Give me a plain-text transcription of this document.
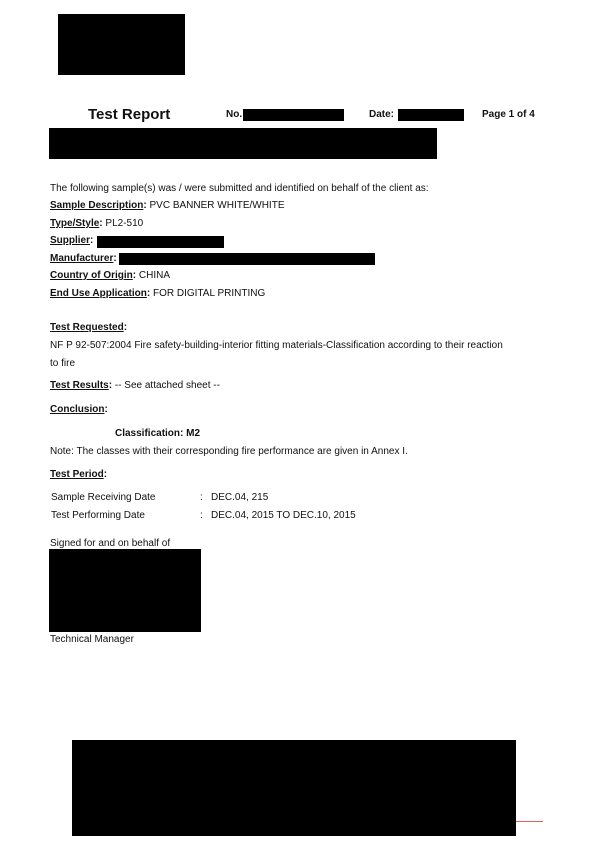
Test Report	No.	Date:	Page 1 of 4
The following sample(s) was / were submitted and identified on behalf of the client as:
Sample Description: PVC BANNER WHITE/WHITE
Type/Style: PL2-510
Supplier:
Manufacturer:
Country of Origin: CHINA
End Use Application: FOR DIGITAL PRINTING
Test Requested:
NF P 92-507:2004 Fire safety-building-interior fitting materials-Classification according to their reaction
to fire
Test Results: -- See attached sheet --
Conclusion:
Classification: M2
Note: The classes with their corresponding fire performance are given in Annex I.
Test Period:
Sample Receiving Date	: DEC.04, 215
Test Performing Date	: DEC.04, 2015 TO DEC.10, 2015
Signed for and on behalf of
Technical Manager
